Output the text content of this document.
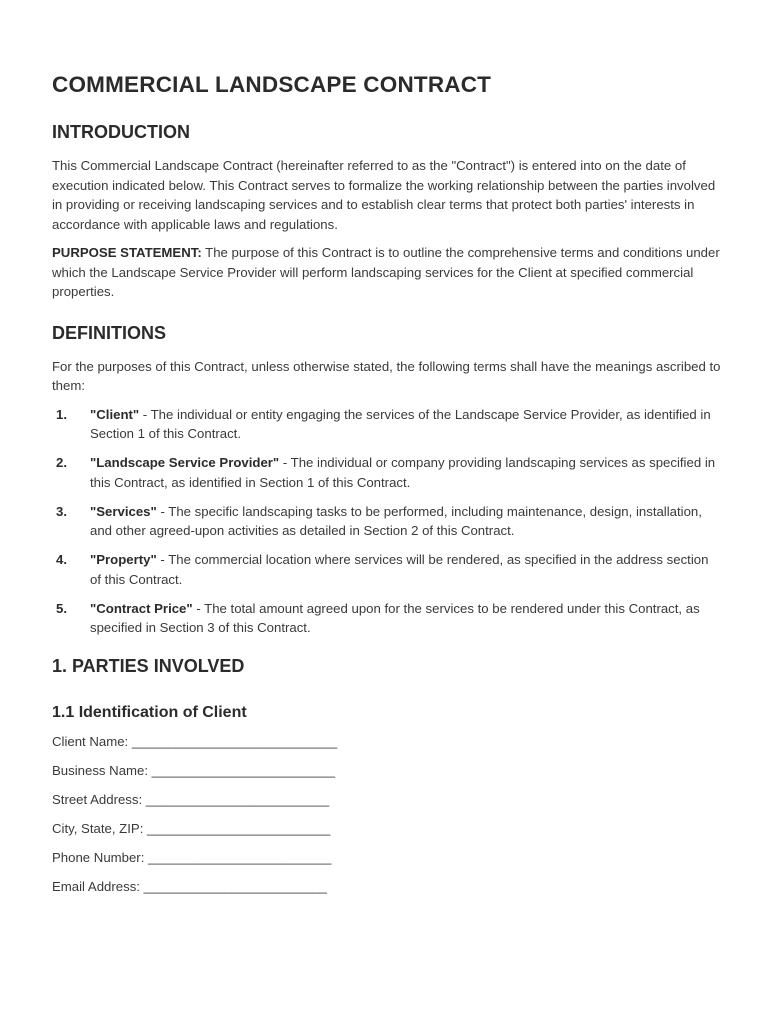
COMMERCIAL LANDSCAPE CONTRACT
INTRODUCTION

This Commercial Landscape Contract (hereinafter referred to as the "Contract") is entered into on the date of execution indicated below. This Contract serves to formalize the working relationship between the parties involved in providing or receiving landscaping services and to establish clear terms that protect both parties' interests in accordance with applicable laws and regulations.

PURPOSE STATEMENT: The purpose of this Contract is to outline the comprehensive terms and conditions under which the Landscape Service Provider will perform landscaping services for the Client at specified commercial properties.

DEFINITIONS

For the purposes of this Contract, unless otherwise stated, the following terms shall have the meanings ascribed to them:

1.	"Client" - The individual or entity engaging the services of the Landscape Service Provider, as identified in Section 1 of this Contract.
2.	"Landscape Service Provider" - The individual or company providing landscaping services as specified in this Contract, as identified in Section 1 of this Contract.
3.	"Services" - The specific landscaping tasks to be performed, including maintenance, design, installation, and other agreed-upon activities as detailed in Section 2 of this Contract.
4.	"Property" - The commercial location where services will be rendered, as specified in the address section of this Contract.
5.	"Contract Price" - The total amount agreed upon for the services to be rendered under this Contract, as specified in Section 3 of this Contract.
1. PARTIES INVOLVED
1.1 Identification of Client
Client Name: ____________________________
Business Name: _________________________
Street Address: _________________________
City, State, ZIP: _________________________
Phone Number: _________________________
Email Address: _________________________
